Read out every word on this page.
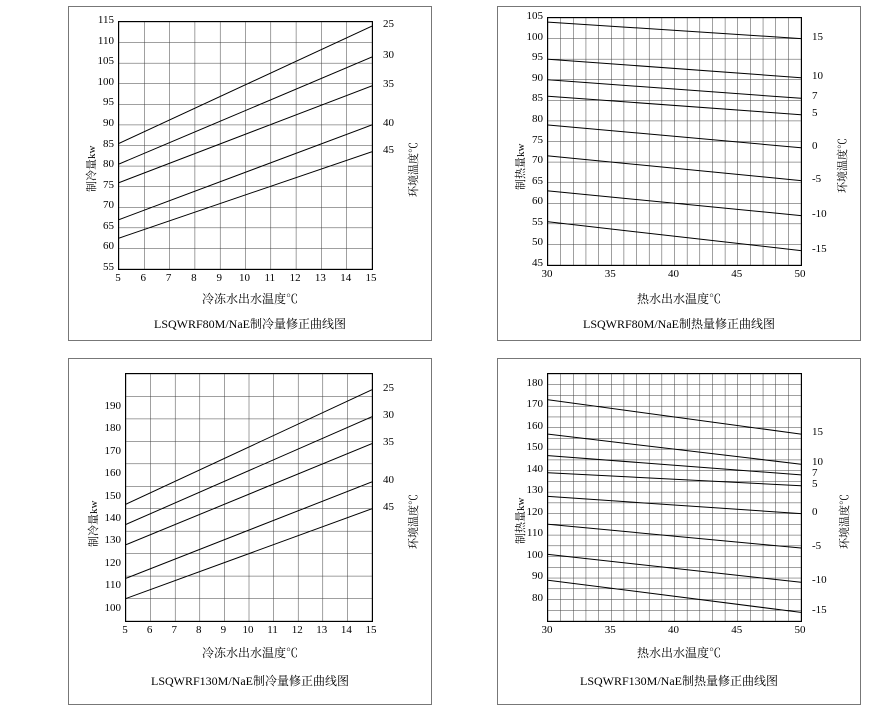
55
60
65
70
75
80
85
90
95
100
105
110
115	25
30
35
40
45
5	6	7	8	9	10	11	12	13	14	15
制冷量kw	环境温度℃
冷冻水出水温度℃
LSQWRF80M/NaE制冷量修正曲线图
45
50
55
60
65
70
75
80
85
90
95
100
105
15
10
7
5
0
-5
-10
-15
30	35	40	45	50
制热量kw	环境温度℃
热水出水温度℃
LSQWRF80M/NaE制热量修正曲线图
100
110
120
130
140
150
160
170
180
190
25
30
35
40
45
5	6	7	8	9	10	11	12	13	14	15
制冷量kw	环境温度℃
冷冻水出水温度℃
LSQWRF130M/NaE制冷量修正曲线图
80
90
100
110
120
130
140
150
160
170
180
15
10
7
5
0
-5
-10
-15
30	35	40	45	50
制热量kw	环境温度℃
热水出水温度℃
LSQWRF130M/NaE制热量修正曲线图
